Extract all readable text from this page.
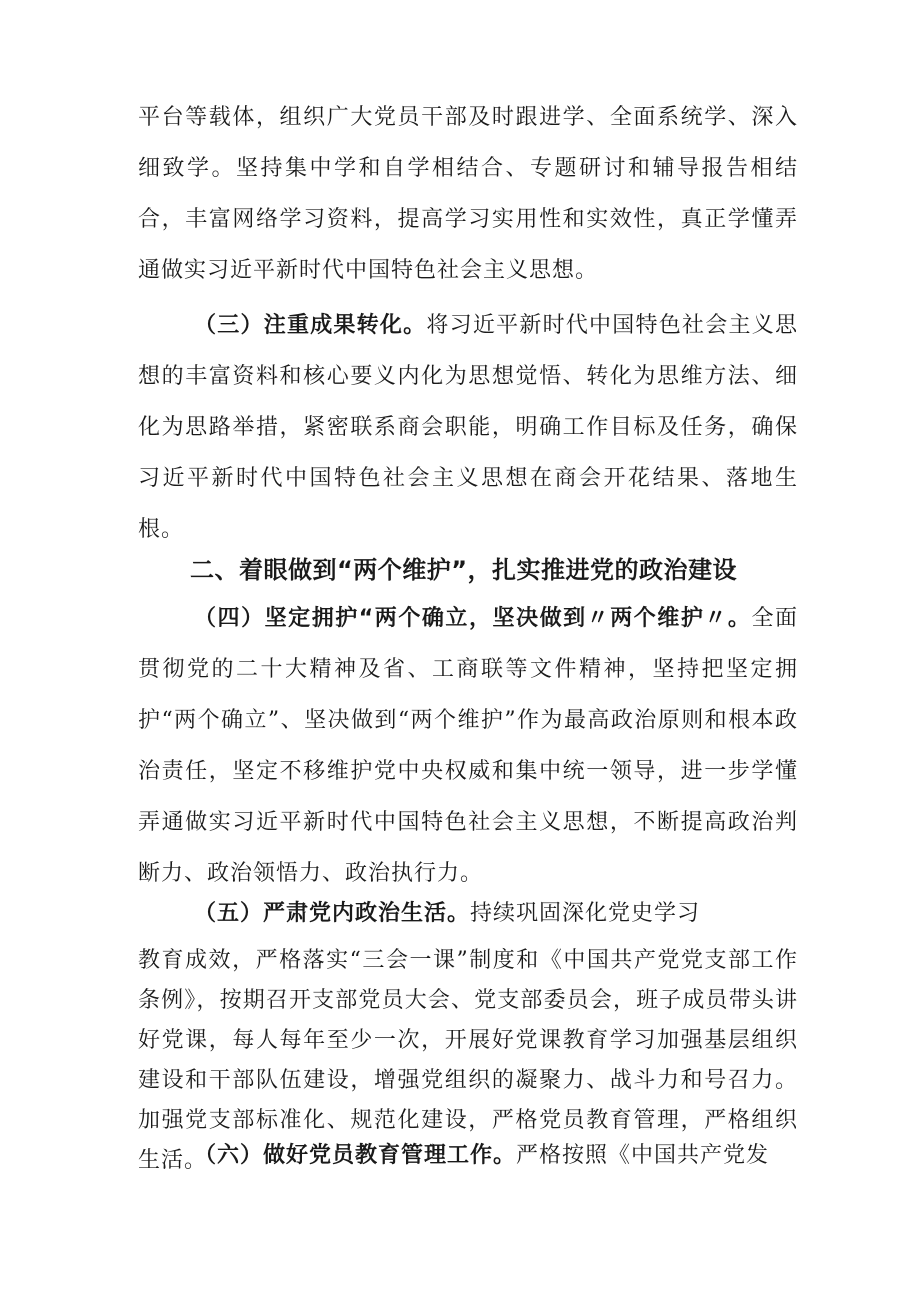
平台等载体，组织广大党员干部及时跟进学、全面系统学、深入细致学。坚持集中学和自学相结合、专题研讨和辅导报告相结合，丰富网络学习资料，提高学习实用性和实效性，真正学懂弄通做实习近平新时代中国特色社会主义思想。

（三）注重成果转化。将习近平新时代中国特色社会主义思想的丰富资料和核心要义内化为思想觉悟、转化为思维方法、细化为思路举措，紧密联系商会职能，明确工作目标及任务，确保习近平新时代中国特色社会主义思想在商会开花结果、落地生根。

二、着眼做到“两个维护”，扎实推进党的政治建设

（四）坚定拥护“两个确立，坚决做到〃两个维护〃。全面贯彻党的二十大精神及省、工商联等文件精神，坚持把坚定拥护“两个确立”、坚决做到“两个维护”作为最高政治原则和根本政治责任，坚定不移维护党中央权威和集中统一领导，进一步学懂弄通做实习近平新时代中国特色社会主义思想，不断提高政治判断力、政治领悟力、政治执行力。

（五）严肃党内政治生活。持续巩固深化党史学习

教育成效，严格落实“三会一课”制度和《中国共产党党支部工作条例》，按期召开支部党员大会、党支部委员会，班子成员带头讲好党课，每人每年至少一次，开展好党课教育学习加强基层组织建设和干部队伍建设，增强党组织的凝聚力、战斗力和号召力。加强党支部标准化、规范化建设，严格党员教育管理，严格组织生活。

（六）做好党员教育管理工作。严格按照《中国共产党发
